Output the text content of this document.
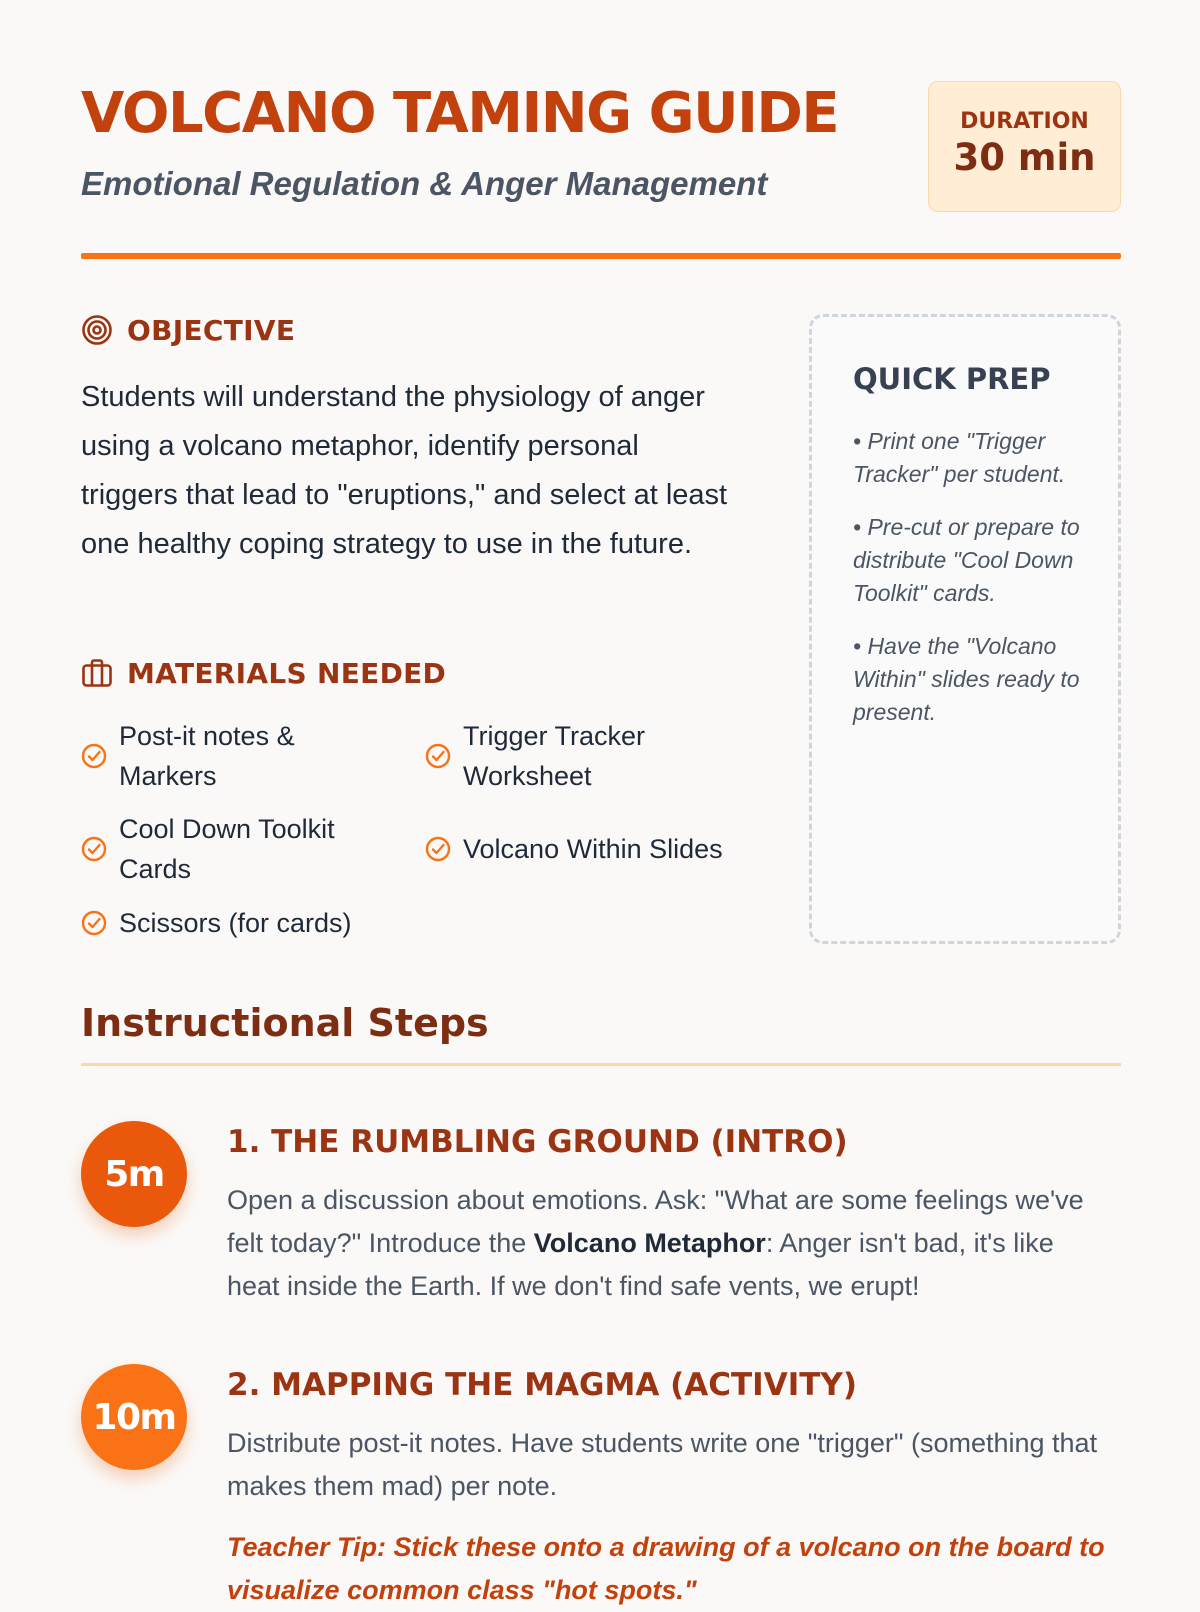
VOLCANO TAMING GUIDE
Emotional Regulation & Anger Management
DURATION
30 min
OBJECTIVE

Students will understand the physiology of anger using a volcano metaphor, identify personal triggers that lead to "eruptions," and select at least one healthy coping strategy to use in the future.

MATERIALS NEEDED
Post-it notes & Markers
Trigger Tracker Worksheet
Cool Down Toolkit Cards
Volcano Within Slides
Scissors (for cards)
QUICK PREP
• Print one "Trigger Tracker" per student.
• Pre-cut or prepare to distribute "Cool Down Toolkit" cards.
• Have the "Volcano Within" slides ready to present.
Instructional Steps
5m
1. THE RUMBLING GROUND (INTRO)

Open a discussion about emotions. Ask: "What are some feelings we've felt today?" Introduce the Volcano Metaphor: Anger isn't bad, it's like heat inside the Earth. If we don't find safe vents, we erupt!

10m
2. MAPPING THE MAGMA (ACTIVITY)

Distribute post-it notes. Have students write one "trigger" (something that makes them mad) per note.

Teacher Tip: Stick these onto a drawing of a volcano on the board to visualize common class "hot spots."
